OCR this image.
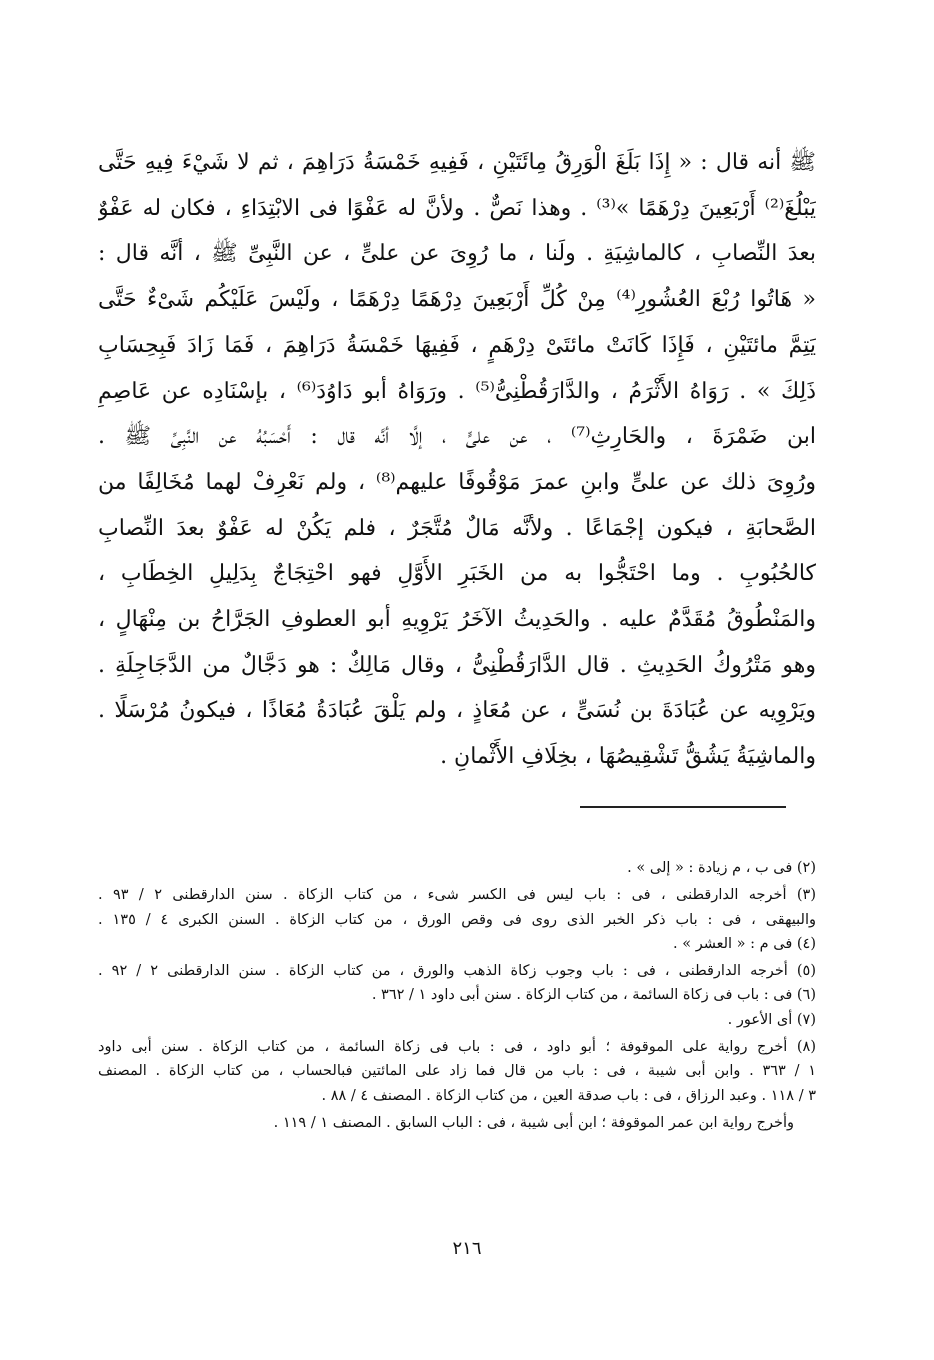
ﷺ أنه قال : « إِذَا بَلَغَ الْوَرِقُ مِائَتَيْنِ ، فَفِيهِ خَمْسَةُ دَرَاهِمَ ، ثم لا شَيْءَ فِيهِ حَتَّى
يَبْلُغَ⁽²⁾ أَرْبَعِينَ دِرْهَمًا »⁽³⁾ . وهذا نَصٌّ . ولأنَّ له عَفْوًا فى الابْتِدَاءِ ، فكان له عَفْوٌ
بعدَ النِّصابِ ، كالماشِيَةِ . ولَنا ، ما رُوِىَ عن علىٍّ ، عن النَّبِىِّ ﷺ ، أنَّه قال :
« هَاتُوا رُبْعَ العُشُورِ⁽⁴⁾ مِنْ كُلِّ أَرْبَعِينَ دِرْهَمًا دِرْهَمًا ، ولَيْسَ عَلَيْكُم شَىْءٌ حَتَّى
يَتِمَّ مائتَيْنِ ، فَإِذَا كَانَتْ مائتَىْ دِرْهَمٍ ، فَفِيهَا خَمْسَةُ دَرَاهِمَ ، فَمَا زَادَ فَبِحِسَابِ
ذَلِكَ » . رَوَاهُ الأَثْرَمُ ، والدَّارَقُطْنِىُّ⁽⁵⁾ . ورَوَاهُ أبو دَاوُدَ⁽⁶⁾ ، بإسْنَادِه عن عَاصِمِ
ابن ضَمْرَةَ ، والحَارِثِ⁽⁷⁾ ، عن علىٍّ ، إلَّا أنَّه قال : أَحْسَبُهُ عن النَّبِىِّ ﷺ .
ورُوِىَ ذلك عن علىٍّ وابنِ عمرَ مَوْقُوفًا عليهم⁽⁸⁾ ، ولم نَعْرِفْ لهما مُخَالِفًا من
الصَّحابَةِ ، فيكون إجْمَاعًا . ولأنَّه مَالٌ مُتَّجَرٌ ، فلم يَكُنْ له عَفْوٌ بعدَ النِّصابِ
كالحُبُوبِ . وما احْتَجُّوا به من الخَبَرِ الأَوَّلِ فهو احْتِجَاجٌ بِدَلِيلِ الخِطَابِ ،
والمَنْطُوقُ مُقَدَّمٌ عليه . والحَدِيثُ الآخَرُ يَرْوِيهِ أبو العطوفِ الجَرَّاحُ بن مِنْهَالٍ ،
وهو مَتْرُوكُ الحَدِيثِ . قال الدَّارَقُطْنِىُّ ، وقال مَالِكٌ : هو دَجَّالٌ من الدَّجَاجِلَةِ .
ويَرْوِيه عن عُبَادَةَ بن نُسَىٍّ ، عن مُعَاذٍ ، ولم يَلْقَ عُبَادَةُ مُعَاذًا ، فيكونُ مُرْسَلًا .
والماشِيَةُ يَشُقُّ تَشْقِيصُهَا ، بخِلَافِ الأَثْمانِ .
(٢) فى ب ، م زيادة : « إلى » .
(٣) أخرجه الدارقطنى ، فى : باب ليس فى الكسر شىء ، من كتاب الزكاة . سنن الدارقطنى ٢ / ٩٣ .
والبيهقى ، فى : باب ذكر الخبر الذى روى فى وقص الورق ، من كتاب الزكاة . السنن الكبرى ٤ / ١٣٥ .
(٤) فى م : « العشر » .
(٥) أخرجه الدارقطنى ، فى : باب وجوب زكاة الذهب والورق ، من كتاب الزكاة . سنن الدارقطنى ٢ / ٩٢ .
(٦) فى : باب فى زكاة السائمة ، من كتاب الزكاة . سنن أبى داود ١ / ٣٦٢ .
(٧) أى الأعور .
(٨) أخرج رواية على الموقوفة ؛ أبو داود ، فى : باب فى زكاة السائمة ، من كتاب الزكاة . سنن أبى داود
١ / ٣٦٣ . وابن أبى شيبة ، فى : باب من قال فما زاد على المائتين فبالحساب ، من كتاب الزكاة . المصنف
٣ / ١١٨ . وعبد الرزاق ، فى : باب صدقة العين ، من كتاب الزكاة . المصنف ٤ / ٨٨ .
وأخرج رواية ابن عمر الموقوفة ؛ ابن أبى شيبة ، فى : الباب السابق . المصنف ١ / ١١٩ .
٢١٦
